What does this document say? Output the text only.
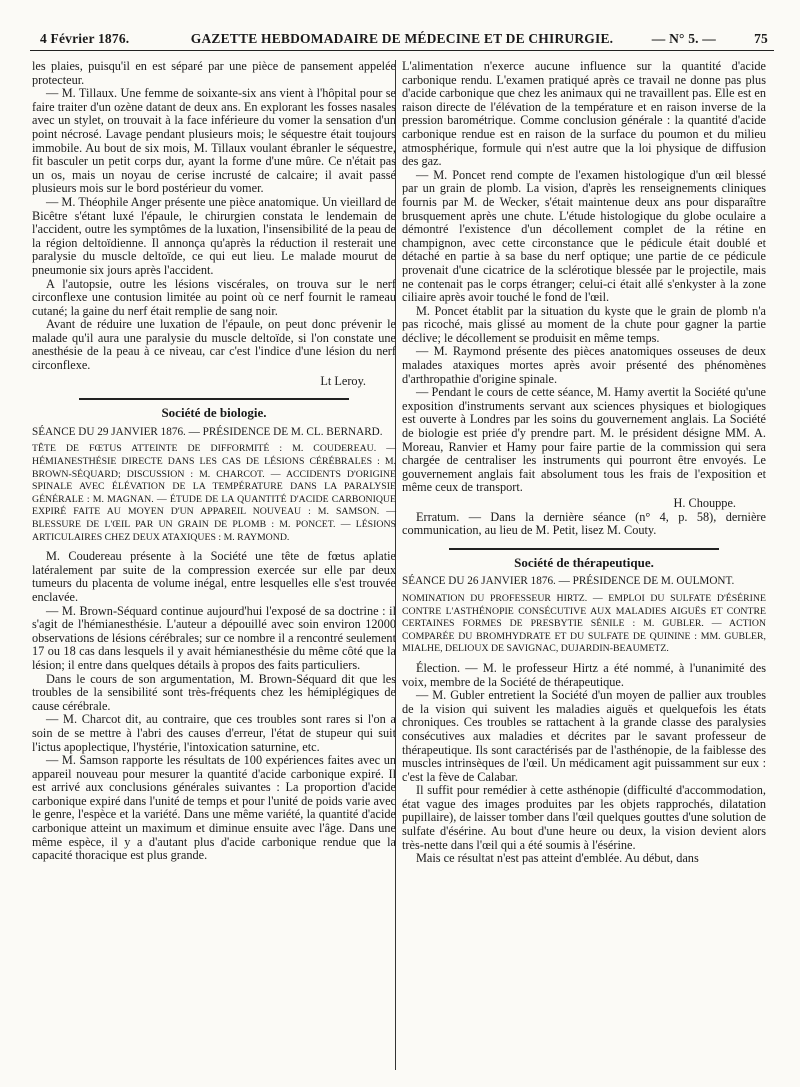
4 Février 1876.	GAZETTE HEBDOMADAIRE DE MÉDECINE ET DE CHIRURGIE.	— N° 5. —	75

les plaies, puisqu'il en est séparé par une pièce de pansement appelée protecteur.

— M. Tillaux. Une femme de soixante-six ans vient à l'hôpital pour se faire traiter d'un ozène datant de deux ans. En explorant les fosses nasales avec un stylet, on trouvait à la face inférieure du vomer la sensation d'un point nécrosé. Lavage pendant plusieurs mois; le séquestre était toujours immobile. Au bout de six mois, M. Tillaux voulant ébranler le séquestre, fit basculer un petit corps dur, ayant la forme d'une mûre. Ce n'était pas un os, mais un noyau de cerise incrusté de calcaire; il avait passé plusieurs mois sur le bord postérieur du vomer.

— M. Théophile Anger présente une pièce anatomique. Un vieillard de Bicêtre s'étant luxé l'épaule, le chirurgien constata le lendemain de l'accident, outre les symptômes de la luxation, l'insensibilité de la peau de la région deltoïdienne. Il annonça qu'après la réduction il resterait une paralysie du muscle deltoïde, ce qui eut lieu. Le malade mourut de pneumonie six jours après l'accident.

A l'autopsie, outre les lésions viscérales, on trouva sur le nerf circonflexe une contusion limitée au point où ce nerf fournit le rameau cutané; la gaine du nerf était remplie de sang noir.

Avant de réduire une luxation de l'épaule, on peut donc prévenir le malade qu'il aura une paralysie du muscle deltoïde, si l'on constate une anesthésie de la peau à ce niveau, car c'est l'indice d'une lésion du nerf circonflexe.

Lt Leroy.

Société de biologie.

SÉANCE DU 29 JANVIER 1876. — PRÉSIDENCE DE M. CL. BERNARD.

TÊTE DE FŒTUS ATTEINTE DE DIFFORMITÉ : M. COUDEREAU. — HÉMIANESTHÉSIE DIRECTE DANS LES CAS DE LÉSIONS CÉRÉBRALES : M. BROWN-SÉQUARD; DISCUSSION : M. CHARCOT. — ACCIDENTS D'ORIGINE SPINALE AVEC ÉLÉVATION DE LA TEMPÉRATURE DANS LA PARALYSIE GÉNÉRALE : M. MAGNAN. — ÉTUDE DE LA QUANTITÉ D'ACIDE CARBONIQUE EXPIRÉ FAITE AU MOYEN D'UN APPAREIL NOUVEAU : M. SAMSON. — BLESSURE DE L'ŒIL PAR UN GRAIN DE PLOMB : M. PONCET. — LÉSIONS ARTICULAIRES CHEZ DEUX ATAXIQUES : M. RAYMOND.

M. Coudereau présente à la Société une tête de fœtus aplatie latéralement par suite de la compression exercée sur elle par deux tumeurs du placenta de volume inégal, entre lesquelles elle s'est trouvée enclavée.

— M. Brown-Séquard continue aujourd'hui l'exposé de sa doctrine : il s'agit de l'hémianesthésie. L'auteur a dépouillé avec soin environ 12000 observations de lésions cérébrales; sur ce nombre il a rencontré seulement 17 ou 18 cas dans lesquels il y avait hémianesthésie du même côté que la lésion; il entre dans quelques détails à propos des faits particuliers.

Dans le cours de son argumentation, M. Brown-Séquard dit que les troubles de la sensibilité sont très-fréquents chez les hémiplégiques de cause cérébrale.

— M. Charcot dit, au contraire, que ces troubles sont rares si l'on a soin de se mettre à l'abri des causes d'erreur, l'état de stupeur qui suit l'ictus apoplectique, l'hystérie, l'intoxication saturnine, etc.

— M. Samson rapporte les résultats de 100 expériences faites avec un appareil nouveau pour mesurer la quantité d'acide carbonique expiré. Il est arrivé aux conclusions générales suivantes : La proportion d'acide carbonique expiré dans l'unité de temps et pour l'unité de poids varie avec le genre, l'espèce et la variété. Dans une même variété, la quantité d'acide carbonique atteint un maximum et diminue ensuite avec l'âge. Dans une même espèce, il y a d'autant plus d'acide carbonique rendue que la capacité thoracique est plus grande.

L'alimentation n'exerce aucune influence sur la quantité d'acide carbonique rendu. L'examen pratiqué après ce travail ne donne pas plus d'acide carbonique que chez les animaux qui ne travaillent pas. Elle est en raison directe de l'élévation de la température et en raison inverse de la pression barométrique. Comme conclusion générale : la quantité d'acide carbonique rendue est en raison de la surface du poumon et du milieu atmosphérique, formule qui n'est autre que la loi physique de diffusion des gaz.

— M. Poncet rend compte de l'examen histologique d'un œil blessé par un grain de plomb. La vision, d'après les renseignements cliniques fournis par M. de Wecker, s'était maintenue deux ans pour disparaître brusquement après une chute. L'étude histologique du globe oculaire a démontré l'existence d'un décollement complet de la rétine en champignon, avec cette circonstance que le pédicule était doublé et détaché en partie à sa base du nerf optique; une partie de ce pédicule provenait d'une cicatrice de la sclérotique blessée par le projectile, mais ne contenait pas le corps étranger; celui-ci était allé s'enkyster à la zone ciliaire après avoir touché le fond de l'œil.

M. Poncet établit par la situation du kyste que le grain de plomb n'a pas ricoché, mais glissé au moment de la chute pour gagner la partie déclive; le décollement se produisit en même temps.

— M. Raymond présente des pièces anatomiques osseuses de deux malades ataxiques mortes après avoir présenté des phénomènes d'arthropathie d'origine spinale.

— Pendant le cours de cette séance, M. Hamy avertit la Société qu'une exposition d'instruments servant aux sciences physiques et biologiques est ouverte à Londres par les soins du gouvernement anglais. La Société de biologie est priée d'y prendre part. M. le président désigne MM. A. Moreau, Ranvier et Hamy pour faire partie de la commission qui sera chargée de centraliser les instruments qui pourront être envoyés. Le gouvernement anglais fait absolument tous les frais de l'exposition et même ceux de transport.

H. Chouppe.

Erratum. — Dans la dernière séance (n° 4, p. 58), dernière communication, au lieu de M. Petit, lisez M. Couty.

Société de thérapeutique.

SÉANCE DU 26 JANVIER 1876. — PRÉSIDENCE DE M. OULMONT.

NOMINATION DU PROFESSEUR HIRTZ. — EMPLOI DU SULFATE D'ÉSÉRINE CONTRE L'ASTHÉNOPIE CONSÉCUTIVE AUX MALADIES AIGUËS ET CONTRE CERTAINES FORMES DE PRESBYTIE SÉNILE : M. GUBLER. — ACTION COMPARÉE DU BROMHYDRATE ET DU SULFATE DE QUININE : MM. GUBLER, MIALHE, DELIOUX DE SAVIGNAC, DUJARDIN-BEAUMETZ.

Élection. — M. le professeur Hirtz a été nommé, à l'unanimité des voix, membre de la Société de thérapeutique.

— M. Gubler entretient la Société d'un moyen de pallier aux troubles de la vision qui suivent les maladies aiguës et quelquefois les états chroniques. Ces troubles se rattachent à la grande classe des paralysies consécutives aux maladies et décrites par le savant professeur de thérapeutique. Ils sont caractérisés par de l'asthénopie, de la faiblesse des muscles intrinsèques de l'œil. Un médicament agit puissamment sur eux : c'est la fève de Calabar.

Il suffit pour remédier à cette asthénopie (difficulté d'accommodation, état vague des images produites par les objets rapprochés, dilatation pupillaire), de laisser tomber dans l'œil quelques gouttes d'une solution de sulfate d'ésérine. Au bout d'une heure ou deux, la vision devient alors très-nette dans l'œil qui a été soumis à l'ésérine.

Mais ce résultat n'est pas atteint d'emblée. Au début, dans
